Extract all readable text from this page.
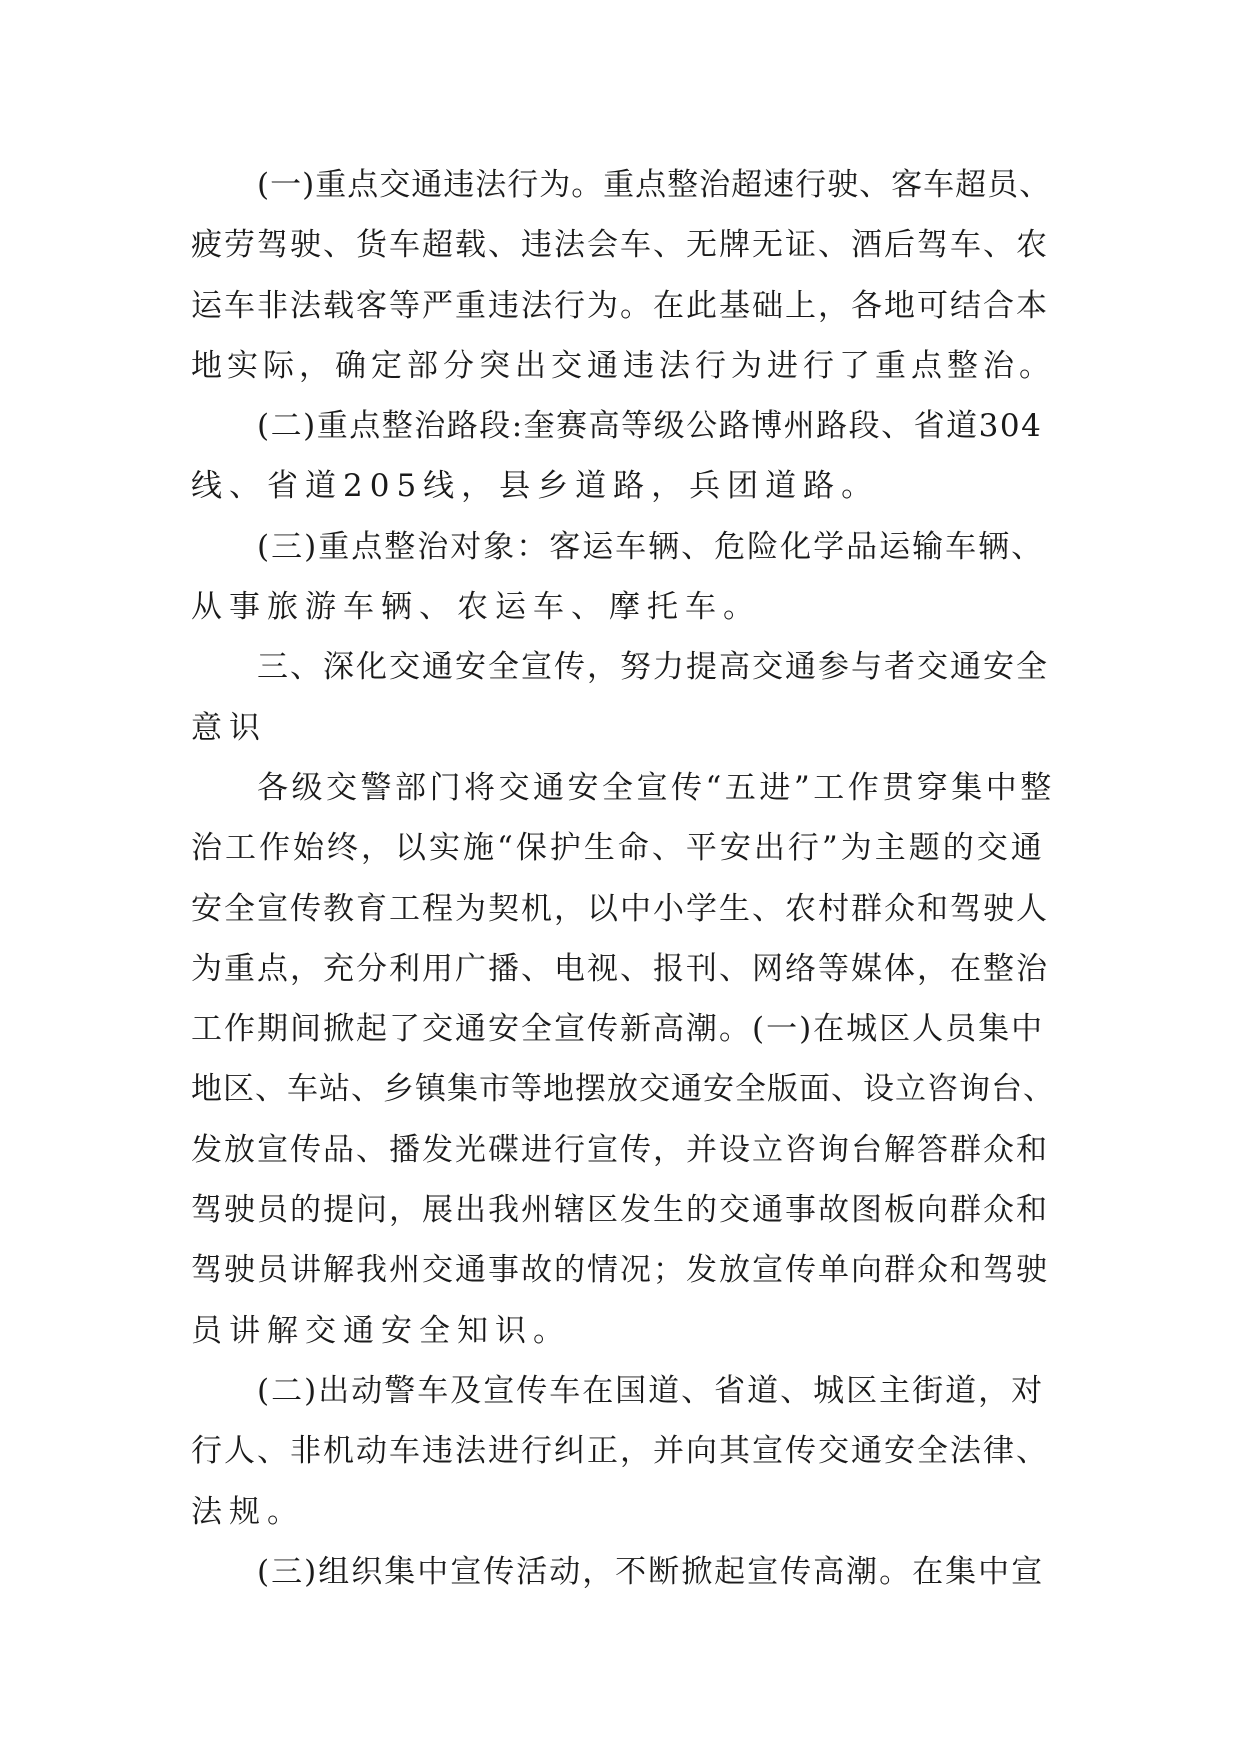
(一)重点交通违法行为。重点整治超速行驶、客车超员、

疲劳驾驶、货车超载、违法会车、无牌无证、酒后驾车、农

运车非法载客等严重违法行为。在此基础上，各地可结合本

地实际，确定部分突出交通违法行为进行了重点整治。

(二)重点整治路段:奎赛高等级公路博州路段、省道304

线、省道205线，县乡道路，兵团道路。

(三)重点整治对象：客运车辆、危险化学品运输车辆、

从事旅游车辆、农运车、摩托车。

三、深化交通安全宣传，努力提高交通参与者交通安全

意识

各级交警部门将交通安全宣传“五进”工作贯穿集中整

治工作始终，以实施“保护生命、平安出行”为主题的交通

安全宣传教育工程为契机，以中小学生、农村群众和驾驶人

为重点，充分利用广播、电视、报刊、网络等媒体，在整治

工作期间掀起了交通安全宣传新高潮。(一)在城区人员集中

地区、车站、乡镇集市等地摆放交通安全版面、设立咨询台、

发放宣传品、播发光碟进行宣传，并设立咨询台解答群众和

驾驶员的提问，展出我州辖区发生的交通事故图板向群众和

驾驶员讲解我州交通事故的情况；发放宣传单向群众和驾驶

员讲解交通安全知识。

(二)出动警车及宣传车在国道、省道、城区主街道，对

行人、非机动车违法进行纠正，并向其宣传交通安全法律、

法规。

(三)组织集中宣传活动，不断掀起宣传高潮。在集中宣
